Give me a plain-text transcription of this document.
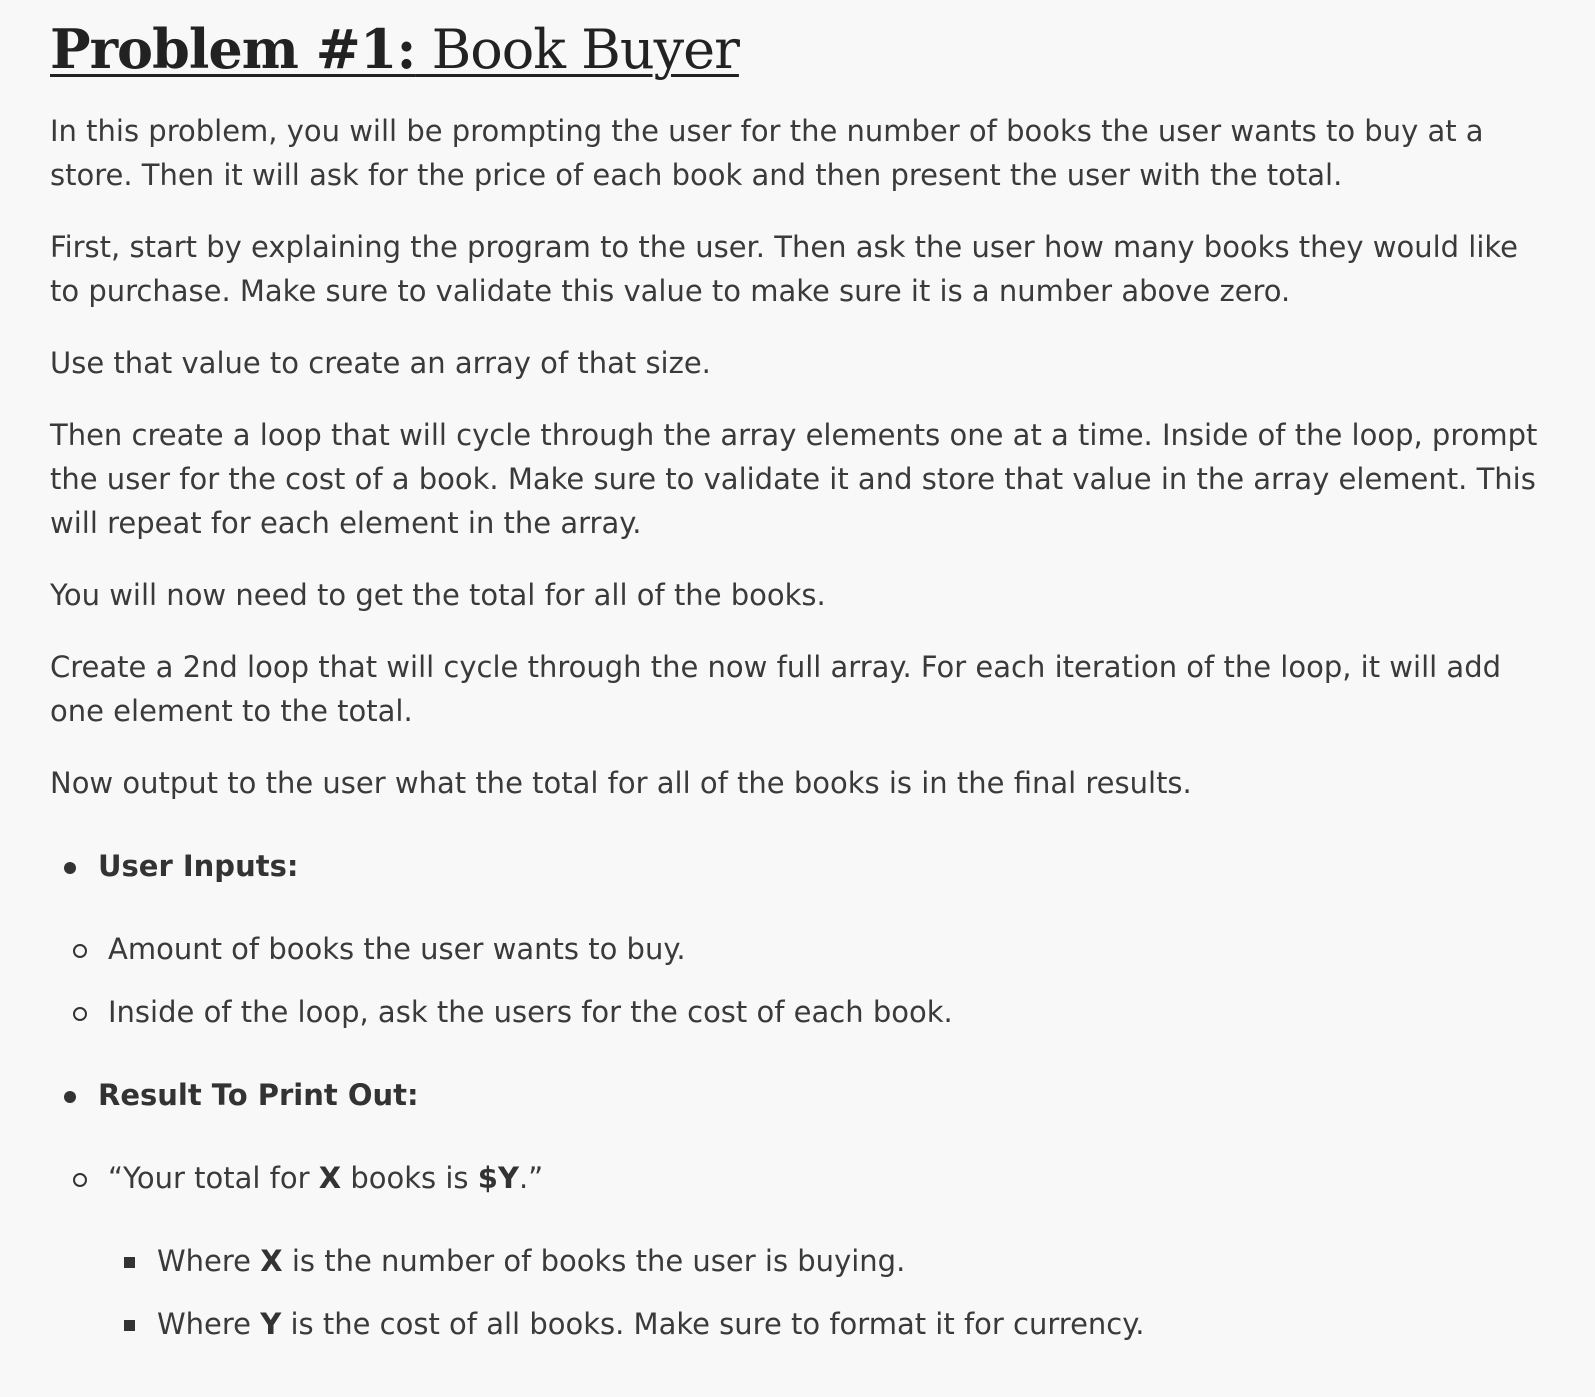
Problem #1: Book Buyer

In this problem, you will be prompting the user for the number of books the user wants to buy at a store. Then it will ask for the price of each book and then present the user with the total.

First, start by explaining the program to the user. Then ask the user how many books they would like to purchase. Make sure to validate this value to make sure it is a number above zero.

Use that value to create an array of that size.

Then create a loop that will cycle through the array elements one at a time. Inside of the loop, prompt the user for the cost of a book. Make sure to validate it and store that value in the array element. This will repeat for each element in the array.

You will now need to get the total for all of the books.

Create a 2nd loop that will cycle through the now full array. For each iteration of the loop, it will add one element to the total.

Now output to the user what the total for all of the books is in the final results.

User Inputs:
Amount of books the user wants to buy.
Inside of the loop, ask the users for the cost of each book.
Result To Print Out:
“Your total for X books is $Y.”
Where X is the number of books the user is buying.
Where Y is the cost of all books. Make sure to format it for currency.
